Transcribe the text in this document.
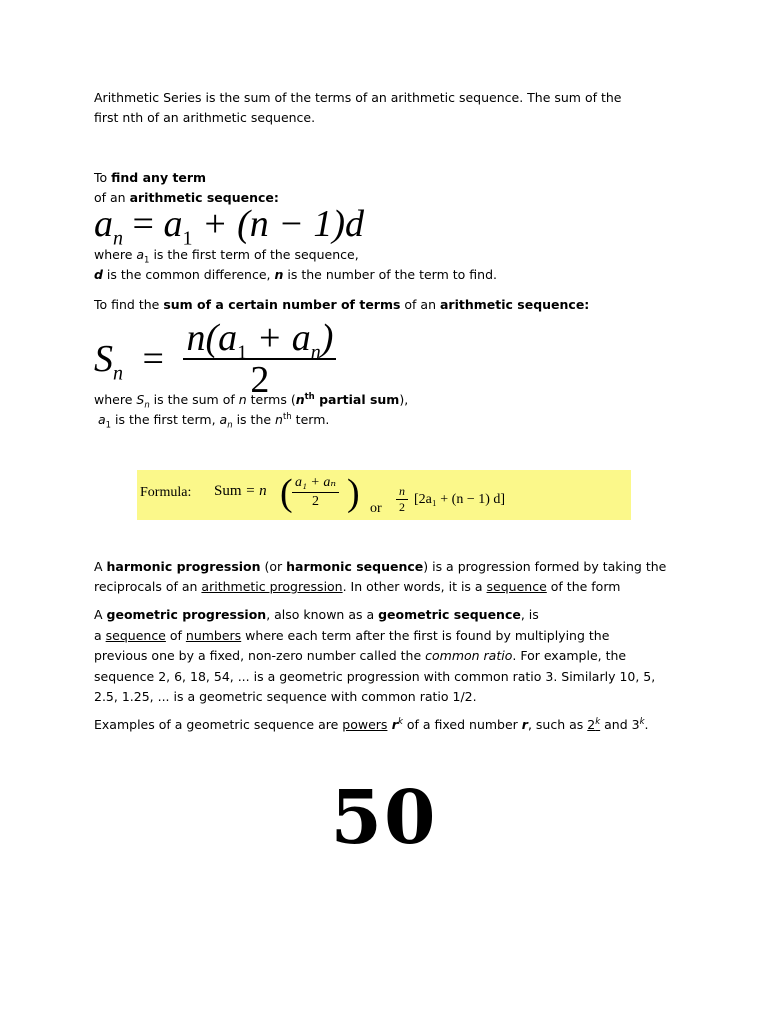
Arithmetic Series is the sum of the terms of an arithmetic sequence. The sum of the
first nth of an arithmetic sequence.
To find any term
of an arithmetic sequence:
$a_n = a_1 + (n - 1)d$
where $a_1$ is the first term of the sequence,
d is the common difference, n is the number of the term to find.
To find the sum of a certain number of terms of an arithmetic sequence:
$S_n = \frac{n(a_1 + a_n)}{2}$
where $S_n$ is the sum of n terms ($n^{th}$ partial sum),
$a_1$ is the first term, $a_n$ is the $n^{th}$ term.
Formula: Sum = n ( $\frac{\text{a₁ + aₙ}}{2}$ ) or $\frac{n}{2} [2a_1 + (n - 1)$ d]
A harmonic progression (or harmonic sequence) is a progression formed by taking the
reciprocals of an arithmetic progression. In other words, it is a sequence of the form
A geometric progression, also known as a geometric sequence, is
a sequence of numbers where each term after the first is found by multiplying the
previous one by a fixed, non-zero number called the common ratio. For example, the
sequence 2, 6, 18, 54, ... is a geometric progression with common ratio 3. Similarly 10, 5,
2.5, 1.25, ... is a geometric sequence with common ratio 1/2.
Examples of a geometric sequence are powers $r^k$ of a fixed number r, such as 2$^k$ and 3$^k$.
50
